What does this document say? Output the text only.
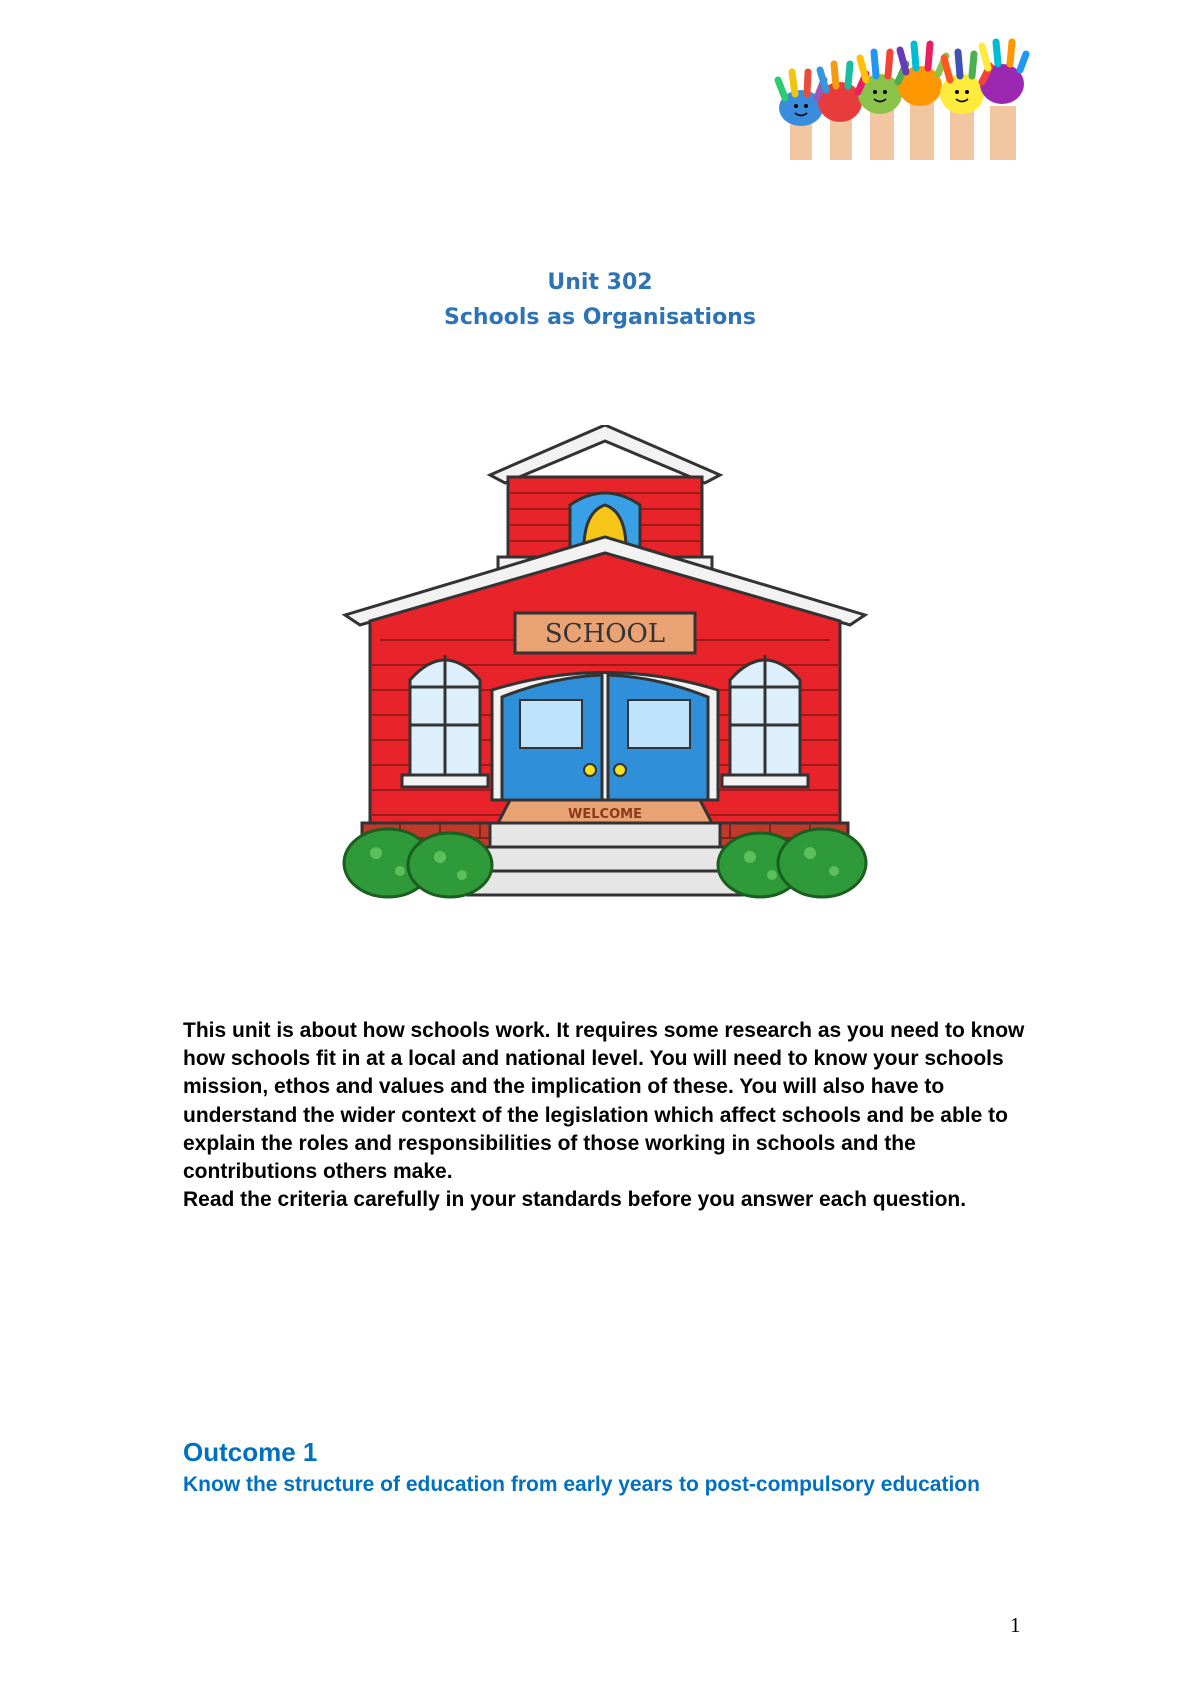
Unit 302
Schools as Organisations
SCHOOL
WELCOME

This unit is about how schools work. It requires some research as you need to know how schools fit in at a local and national level. You will need to know your schools mission, ethos and values and the implication of these. You will also have to understand the wider context of the legislation which affect schools and be able to explain the roles and responsibilities of those working in schools and the contributions others make.

Read the criteria carefully in your standards before you answer each question.

Outcome 1

Know the structure of education from early years to post-compulsory education

1
